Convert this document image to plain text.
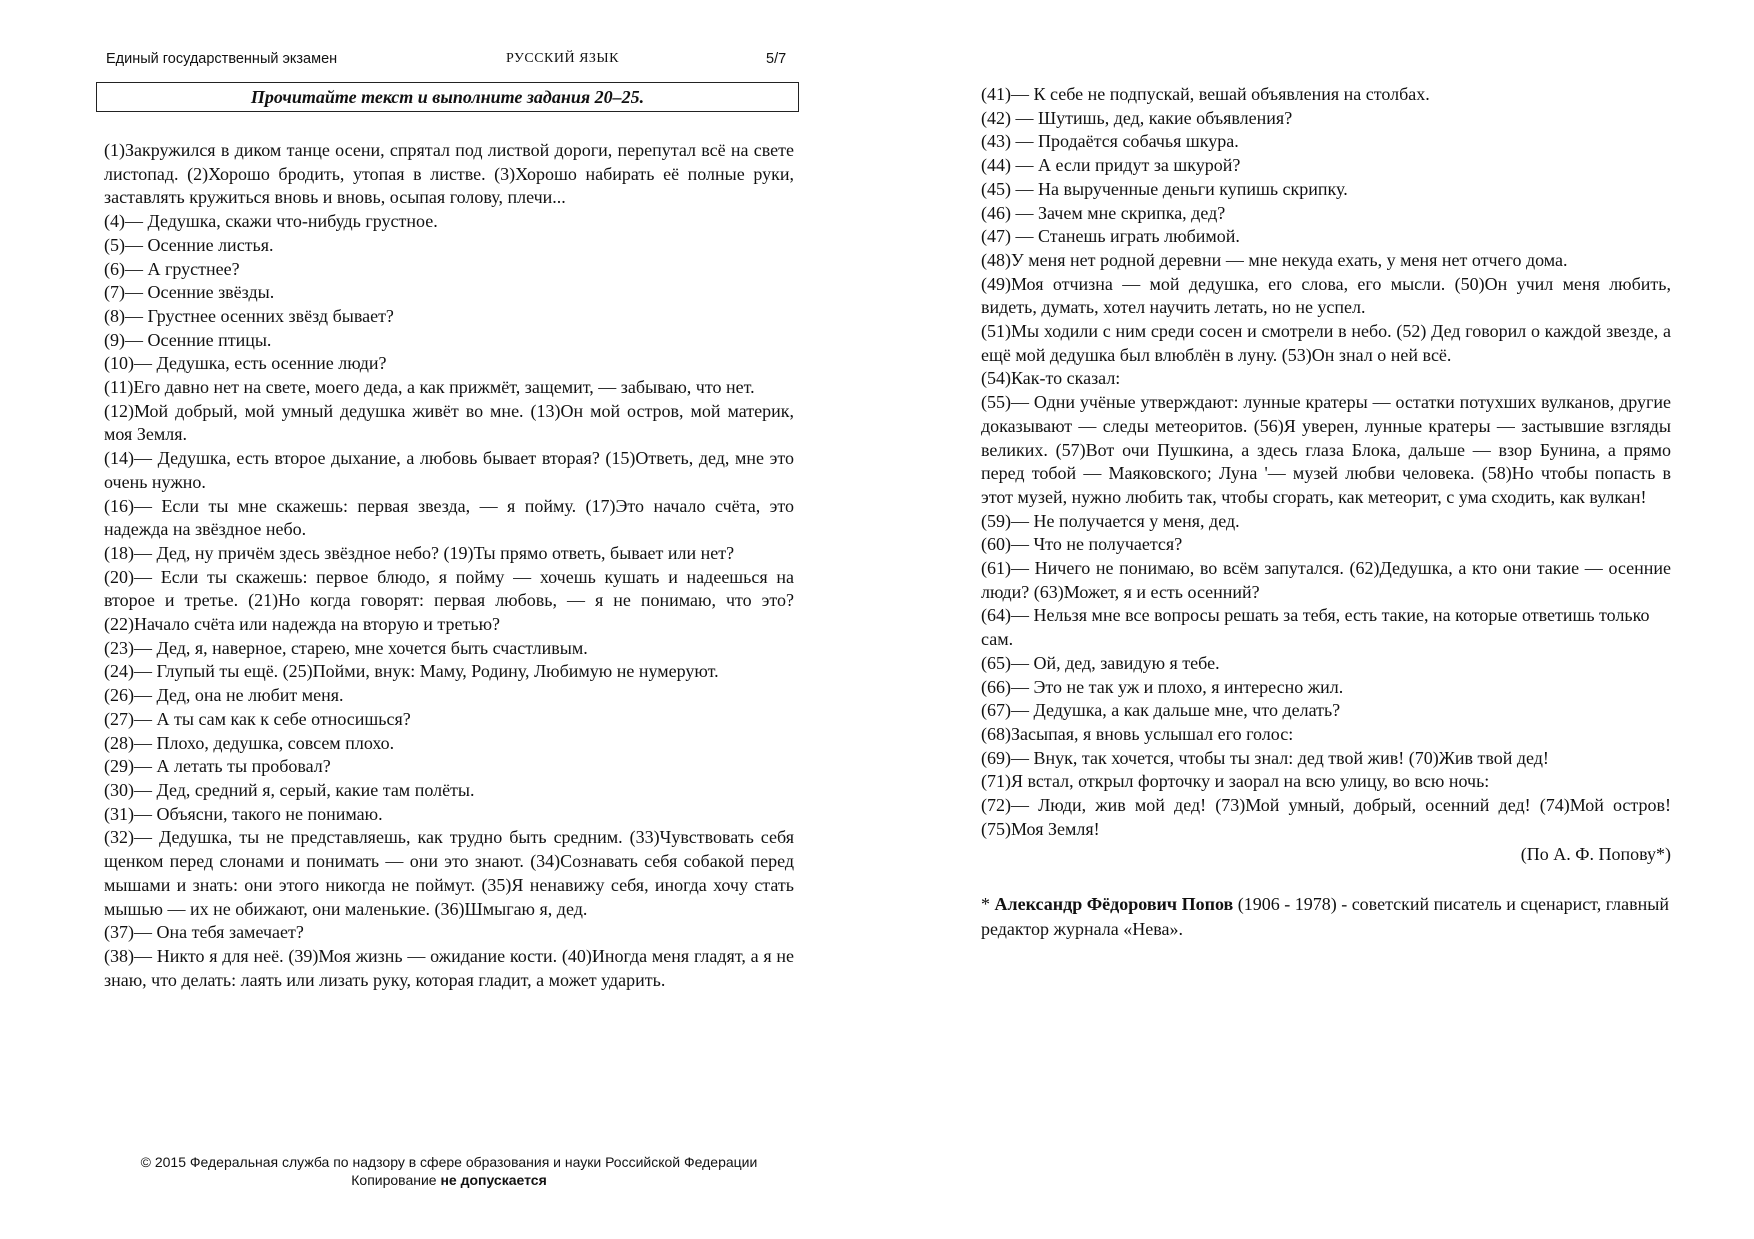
Единый государственный экзамен	РУССКИЙ ЯЗЫК	5/7
Прочитайте текст и выполните задания 20–25.

(1)Закружился в диком танце осени, спрятал под листвой дороги, перепутал всё на свете листопад. (2)Хорошо бродить, утопая в листве. (3)Хорошо набирать её полные руки, заставлять кружиться вновь и вновь, осыпая голову, плечи...

(4)— Дедушка, скажи что-нибудь грустное.

(5)— Осенние листья.

(6)— А грустнее?

(7)— Осенние звёзды.

(8)— Грустнее осенних звёзд бывает?

(9)— Осенние птицы.

(10)— Дедушка, есть осенние люди?

(11)Его давно нет на свете, моего деда, а как прижмёт, защемит, — забываю, что нет.

(12)Мой добрый, мой умный дедушка живёт во мне. (13)Он мой остров, мой материк, моя Земля.

(14)— Дедушка, есть второе дыхание, а любовь бывает вторая? (15)Ответь, дед, мне это очень нужно.

(16)— Если ты мне скажешь: первая звезда, — я пойму. (17)Это начало счёта, это надежда на звёздное небо.

(18)— Дед, ну причём здесь звёздное небо? (19)Ты прямо ответь, бывает или нет?

(20)— Если ты скажешь: первое блюдо, я пойму — хочешь кушать и надеешься на второе и третье. (21)Но когда говорят: первая любовь, — я не понимаю, что это? (22)Начало счёта или надежда на вторую и третью?

(23)— Дед, я, наверное, старею, мне хочется быть счастливым.

(24)— Глупый ты ещё. (25)Пойми, внук: Маму, Родину, Любимую не нумеруют.

(26)— Дед, она не любит меня.

(27)— А ты сам как к себе относишься?

(28)— Плохо, дедушка, совсем плохо.

(29)— А летать ты пробовал?

(30)— Дед, средний я, серый, какие там полёты.

(31)— Объясни, такого не понимаю.

(32)— Дедушка, ты не представляешь, как трудно быть средним. (33)Чувствовать себя щенком перед слонами и понимать — они это знают. (34)Сознавать себя собакой перед мышами и знать: они этого никогда не поймут. (35)Я ненавижу себя, иногда хочу стать мышью — их не обижают, они маленькие. (36)Шмыгаю я, дед.

(37)— Она тебя замечает?

(38)— Никто я для неё. (39)Моя жизнь — ожидание кости. (40)Иногда меня гладят, а я не знаю, что делать: лаять или лизать руку, которая гладит, а может ударить.

(41)— К себе не подпускай, вешай объявления на столбах.

(42) — Шутишь, дед, какие объявления?

(43) — Продаётся собачья шкура.

(44) — А если придут за шкурой?

(45) — На вырученные деньги купишь скрипку.

(46) — Зачем мне скрипка, дед?

(47) — Станешь играть любимой.

(48)У меня нет родной деревни — мне некуда ехать, у меня нет отчего дома.

(49)Моя отчизна — мой дедушка, его слова, его мысли. (50)Он учил меня любить, видеть, думать, хотел научить летать, но не успел.

(51)Мы ходили с ним среди сосен и смотрели в небо. (52) Дед говорил о каждой звезде, а ещё мой дедушка был влюблён в луну. (53)Он знал о ней всё.

(54)Как-то сказал:

(55)— Одни учёные утверждают: лунные кратеры — остатки потухших вулканов, другие доказывают — следы метеоритов. (56)Я уверен, лунные кратеры — застывшие взгляды великих. (57)Вот очи Пушкина, а здесь глаза Блока, дальше — взор Бунина, а прямо перед тобой — Маяковского; Луна '— музей любви человека. (58)Но чтобы попасть в этот музей, нужно любить так, чтобы сгорать, как метеорит, с ума сходить, как вулкан!

(59)— Не получается у меня, дед.

(60)— Что не получается?

(61)— Ничего не понимаю, во всём запутался. (62)Дедушка, а кто они такие — осенние люди? (63)Может, я и есть осенний?

(64)— Нельзя мне все вопросы решать за тебя, есть такие, на которые ответишь только

сам.

(65)— Ой, дед, завидую я тебе.

(66)— Это не так уж и плохо, я интересно жил.

(67)— Дедушка, а как дальше мне, что делать?

(68)Засыпая, я вновь услышал его голос:

(69)— Внук, так хочется, чтобы ты знал: дед твой жив! (70)Жив твой дед!

(71)Я встал, открыл форточку и заорал на всю улицу, во всю ночь:

(72)— Люди, жив мой дед! (73)Мой умный, добрый, осенний дед! (74)Мой остров! (75)Моя Земля!

(По А. Ф. Попову*)

* Александр Фёдорович Попов (1906 - 1978) - советский писатель и сценарист, главный редактор журнала «Нева».

© 2015 Федеральная служба по надзору в сфере образования и науки Российской Федерации
Копирование не допускается
